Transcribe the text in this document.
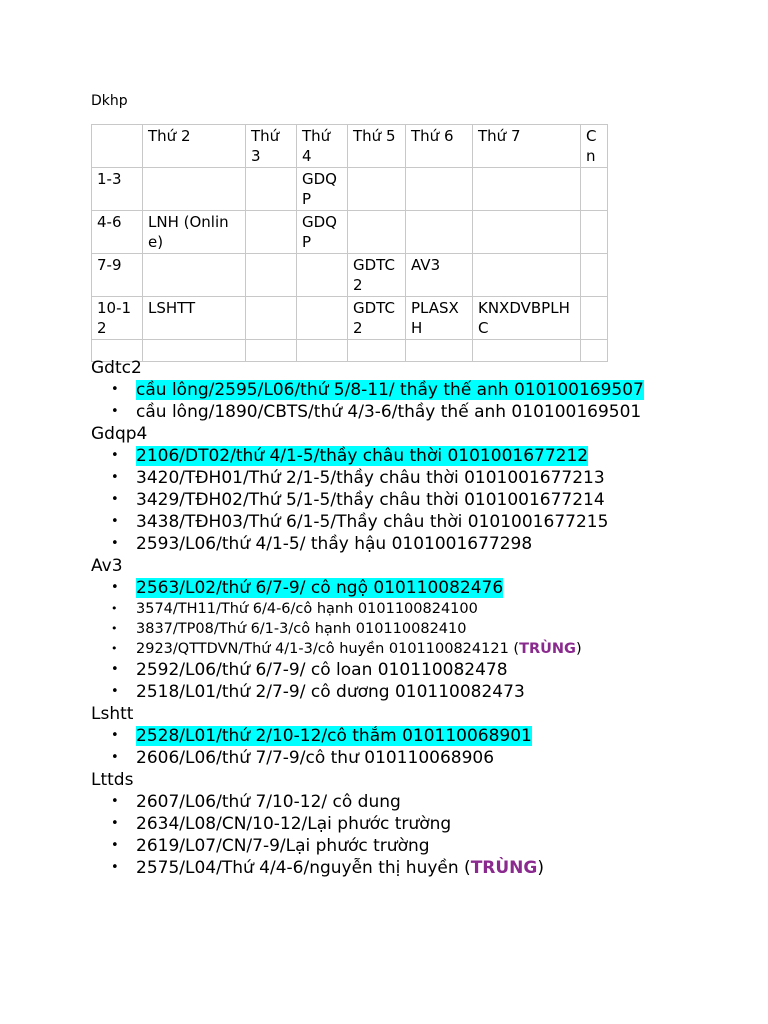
Dkhp
	Thứ 2	Thứ 3	Thứ 4	Thứ 5	Thứ 6	Thứ 7	Cn
1-3			GDQP				
4-6	LNH (Online)		GDQP				
7-9				GDTC2	AV3		
10-12	LSHTT			GDTC2	PLASXH	KNXDVBPLHC	

Gdtc2
• cầu lông/2595/L06/thứ 5/8-11/ thầy thế anh 010100169507
• cầu lông/1890/CBTS/thứ 4/3-6/thầy thế anh 010100169501
Gdqp4
• 2106/DT02/thứ 4/1-5/thầy châu thời 0101001677212
• 3420/TĐH01/Thứ 2/1-5/thầy châu thời 0101001677213
• 3429/TĐH02/Thứ 5/1-5/thầy châu thời 0101001677214
• 3438/TĐH03/Thứ 6/1-5/Thầy châu thời 0101001677215
• 2593/L06/thứ 4/1-5/ thầy hậu 0101001677298
Av3
• 2563/L02/thứ 6/7-9/ cô ngộ 010110082476
• 3574/TH11/Thứ 6/4-6/cô hạnh 0101100824100
• 3837/TP08/Thứ 6/1-3/cô hạnh 010110082410
• 2923/QTTDVN/Thứ 4/1-3/cô huyền 0101100824121 (TRÙNG)
• 2592/L06/thứ 6/7-9/ cô loan 010110082478
• 2518/L01/thứ 2/7-9/ cô dương 010110082473
Lshtt
• 2528/L01/thứ 2/10-12/cô thắm 010110068901
• 2606/L06/thứ 7/7-9/cô thư 010110068906
Lttds
• 2607/L06/thứ 7/10-12/ cô dung
• 2634/L08/CN/10-12/Lại phước trường
• 2619/L07/CN/7-9/Lại phước trường
• 2575/L04/Thứ 4/4-6/nguyễn thị huyền (TRÙNG)
